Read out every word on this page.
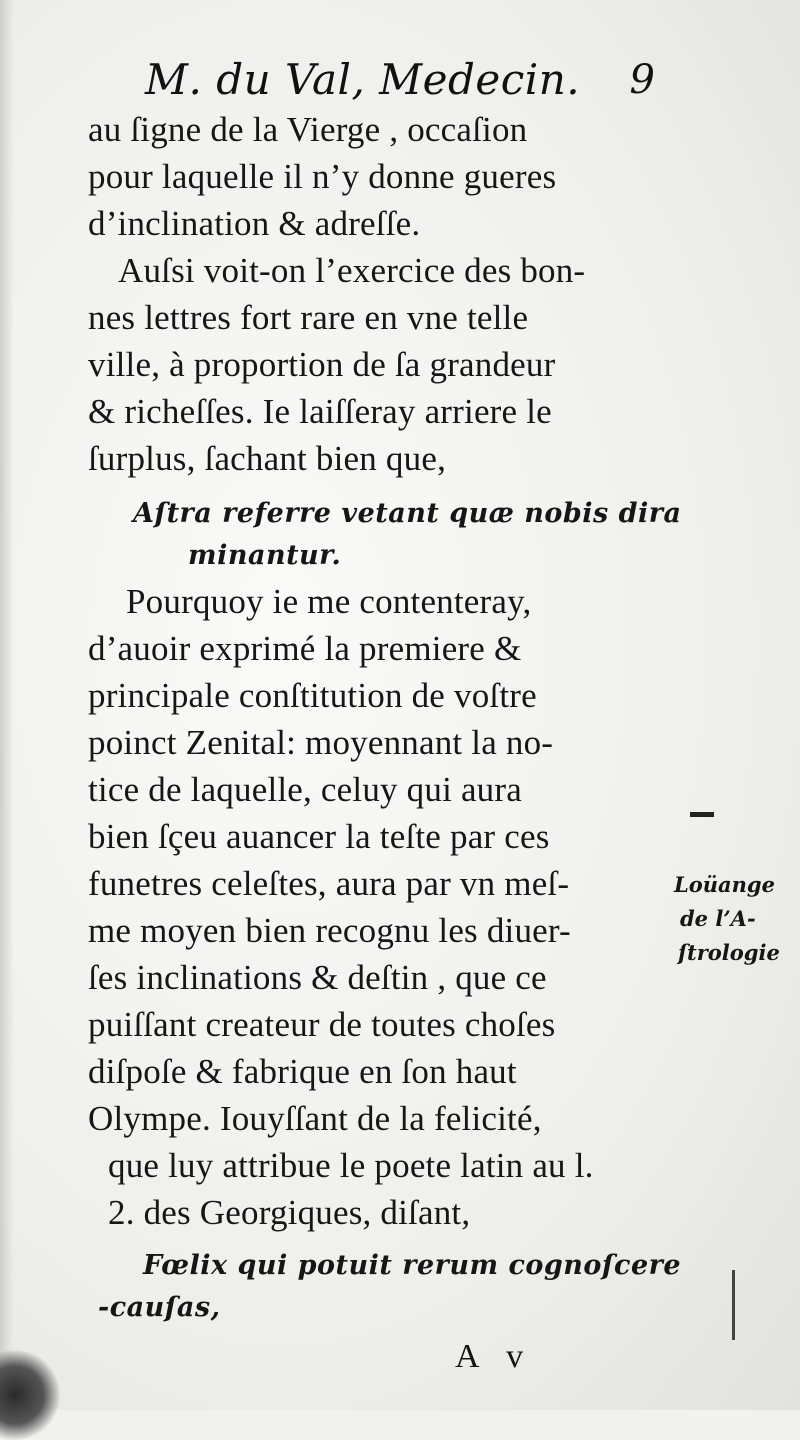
M. du Val, Medecin. 9
au ſigne de la Vierge , occaſion
pour laquelle il n’y donne gueres
d’inclination & adreſſe.
Auſsi voit-on l’exercice des bon-
nes lettres fort rare en vne telle
ville, à proportion de ſa grandeur
& richeſſes. Ie laiſſeray arriere le
ſurplus, ſachant bien que,
Aſtra referre vetant quæ nobis dira
minantur.
Pourquoy ie me contenteray,
d’auoir exprimé la premiere &
principale conſtitution de voſtre
poinct Zenital: moyennant la no-
tice de laquelle, celuy qui aura
bien ſçeu auancer la teſte par ces
funetres celeſtes, aura par vn meſ-
me moyen bien recognu les diuer-
ſes inclinations & deſtin , que ce
puiſſant createur de toutes choſes
diſpoſe & fabrique en ſon haut
Olympe. Iouyſſant de la felicité,
que luy attribue le poete latin au l.
2. des Georgiques, diſant,
Fœlix qui potuit rerum cognoſcere
-cauſas,
Loüange
de l’A-
ſtrologie
A v
